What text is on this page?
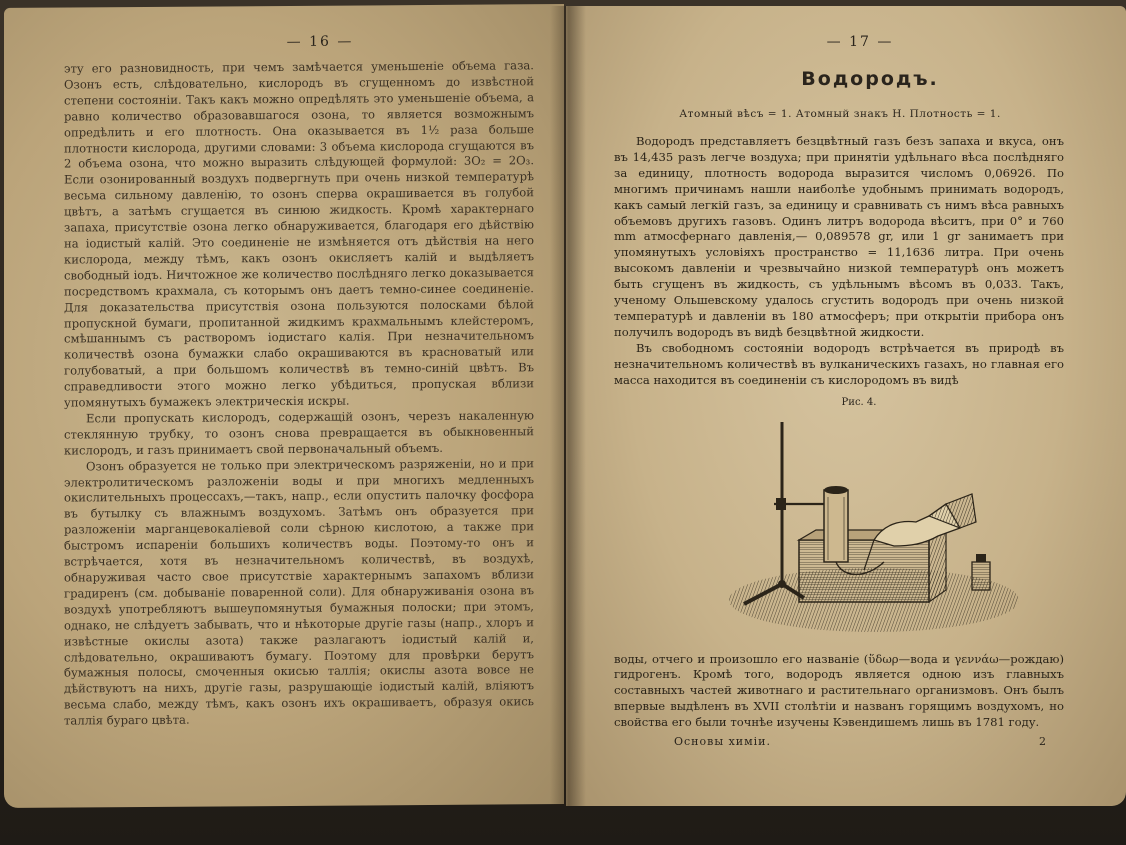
— 16 —

эту его разновидность, при чемъ замѣчается уменьшеніе объема газа. Озонъ есть, слѣдовательно, кислородъ въ сгущенномъ до извѣстной степени состояніи. Такъ какъ можно опредѣлять это уменьшеніе объема, а равно количество образовавшагося озона, то является возможнымъ опредѣлить и его плотность. Она оказывается въ 1½ раза больше плотности кислорода, другими словами: 3 объема кислорода сгущаются въ 2 объема озона, что можно выразить слѣдующей формулой: 3O₂ = 2O₃. Если озонированный воздухъ подвергнуть при очень низкой температурѣ весьма сильному давленію, то озонъ сперва окрашивается въ голубой цвѣтъ, а затѣмъ сгущается въ синюю жидкость. Кромѣ характернаго запаха, присутствіе озона легко обнаруживается, благодаря его дѣйствію на іодистый калій. Это соединеніе не измѣняется отъ дѣйствія на него кислорода, между тѣмъ, какъ озонъ окисляетъ калій и выдѣляетъ свободный іодъ. Ничтожное же количество послѣдняго легко доказывается посредствомъ крахмала, съ которымъ онъ даетъ темно-синее соединеніе. Для доказательства присутствія озона пользуются полосками бѣлой пропускной бумаги, пропитанной жидкимъ крахмальнымъ клейстеромъ, смѣшаннымъ съ растворомъ іодистаго калія. При незначительномъ количествѣ озона бумажки слабо окрашиваются въ красноватый или голубоватый, а при большомъ количествѣ въ темно-синій цвѣтъ. Въ справедливости этого можно легко убѣдиться, пропуская вблизи упомянутыхъ бумажекъ электрическія искры.

Если пропускать кислородъ, содержащій озонъ, черезъ накаленную стеклянную трубку, то озонъ снова превращается въ обыкновенный кислородъ, и газъ принимаетъ свой первоначальный объемъ.

Озонъ образуется не только при электрическомъ разряженіи, но и при электролитическомъ разложеніи воды и при многихъ медленныхъ окислительныхъ процессахъ,—такъ, напр., если опустить палочку фосфора въ бутылку съ влажнымъ воздухомъ. Затѣмъ онъ образуется при разложеніи марганцевокаліевой соли сѣрною кислотою, а также при быстромъ испареніи большихъ количествъ воды. Поэтому-то онъ и встрѣчается, хотя въ незначительномъ количествѣ, въ воздухѣ, обнаруживая часто свое присутствіе характернымъ запахомъ вблизи градиренъ (см. добываніе поваренной соли). Для обнаруживанія озона въ воздухѣ употребляютъ вышеупомянутыя бумажныя полоски; при этомъ, однако, не слѣдуетъ забывать, что и нѣкоторые другіе газы (напр., хлоръ и извѣстные окислы азота) также разлагаютъ іодистый калій и, слѣдовательно, окрашиваютъ бумагу. Поэтому для провѣрки берутъ бумажныя полосы, смоченныя окисью таллія; окислы азота вовсе не дѣйствуютъ на нихъ, другіе газы, разрушающіе іодистый калій, влiяютъ весьма слабо, между тѣмъ, какъ озонъ ихъ окрашиваетъ, образуя окись таллія бураго цвѣта.

— 17 —
Водородъ.
Атомный вѣсъ = 1. Атомный знакъ H. Плотность = 1.

Водородъ представляетъ безцвѣтный газъ безъ запаха и вкуса, онъ въ 14,435 разъ легче воздуха; при принятіи удѣльнаго вѣса послѣдняго за единицу, плотность водорода выразится числомъ 0,06926. По многимъ причинамъ нашли наиболѣе удобнымъ принимать водородъ, какъ самый легкій газъ, за единицу и сравнивать съ нимъ вѣса равныхъ объемовъ другихъ газовъ. Одинъ литръ водорода вѣситъ, при 0° и 760 mm атмосфернаго давленія,— 0,089578 gr, или 1 gr занимаетъ при упомянутыхъ условіяхъ пространство = 11,1636 литра. При очень высокомъ давленіи и чрезвычайно низкой температурѣ онъ можетъ быть сгущенъ въ жидкость, съ удѣльнымъ вѣсомъ въ 0,033. Такъ, ученому Ольшевскому удалось сгустить водородъ при очень низкой температурѣ и давленіи въ 180 атмосферъ; при открытіи прибора онъ получилъ водородъ въ видѣ безцвѣтной жидкости.

Въ свободномъ состояніи водородъ встрѣчается въ природѣ въ незначительномъ количествѣ въ вулканическихъ газахъ, но главная его масса находится въ соединеніи съ кислородомъ въ видѣ

Рис. 4.

воды, отчего и произошло его названіе (ὕδωρ—вода и γεννάω—рождаю) гидрогенъ. Кромѣ того, водородъ является одною изъ главныхъ составныхъ частей животнаго и растительнаго организмовъ. Онъ былъ впервые выдѣленъ въ XVII столѣтіи и названъ горящимъ воздухомъ, но свойства его были точнѣе изучены Кэвендишемъ лишь въ 1781 году.

Основы химіи.	2
